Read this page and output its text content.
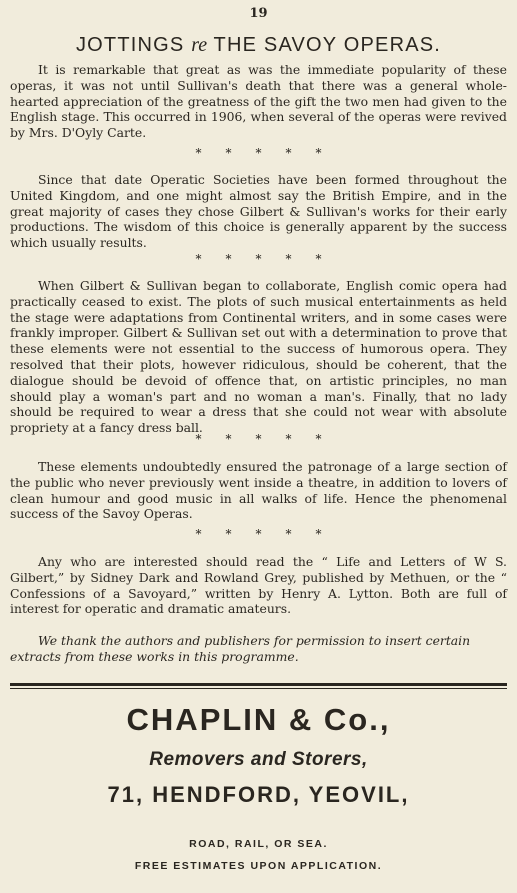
19
JOTTINGS re THE SAVOY OPERAS.

It is remarkable that great as was the immediate popularity of these operas, it was not until Sullivan's death that there was a general whole-hearted appreciation of the greatness of the gift the two men had given to the English stage. This occurred in 1906, when several of the operas were revived by Mrs. D'Oyly Carte.

* * * * *

Since that date Operatic Societies have been formed throughout the United Kingdom, and one might almost say the British Empire, and in the great majority of cases they chose Gilbert & Sullivan's works for their early productions. The wisdom of this choice is generally apparent by the success which usually results.

* * * * *

When Gilbert & Sullivan began to collaborate, English comic opera had practically ceased to exist. The plots of such musical entertainments as held the stage were adaptations from Continental writers, and in some cases were frankly improper. Gilbert & Sullivan set out with a determination to prove that these elements were not essential to the success of humorous opera. They resolved that their plots, however ridiculous, should be coherent, that the dialogue should be devoid of offence that, on artistic principles, no man should play a woman's part and no woman a man's. Finally, that no lady should be required to wear a dress that she could not wear with absolute propriety at a fancy dress ball.

* * * * *

These elements undoubtedly ensured the patronage of a large section of the public who never previously went inside a theatre, in addition to lovers of clean humour and good music in all walks of life. Hence the phenomenal success of the Savoy Operas.

* * * * *

Any who are interested should read the “ Life and Letters of W S. Gilbert,” by Sidney Dark and Rowland Grey, published by Methuen, or the “ Confessions of a Savoyard,” written by Henry A. Lytton. Both are full of interest for operatic and dramatic amateurs.

We thank the authors and publishers for permission to insert certain extracts from these works in this programme.

CHAPLIN & Co.,
Removers and Storers,
71, HENDFORD, YEOVIL,
ROAD, RAIL, OR SEA.
FREE ESTIMATES UPON APPLICATION.
